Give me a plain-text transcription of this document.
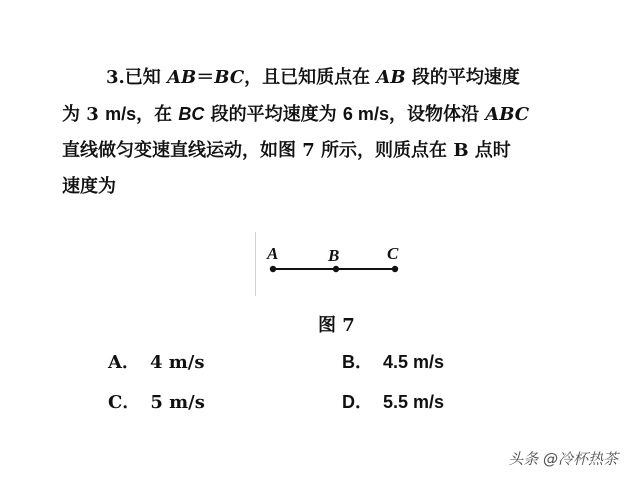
3.已知 AB＝BC，且已知质点在 AB 段的平均速度
为 3 m/s，在 BC 段的平均速度为 6 m/s，设物体沿 ABC
直线做匀变速直线运动，如图 7 所示，则质点在 B 点时
速度为
A	B	C
图 7
A． 4 m/s	B． 4.5 m/s
C． 5 m/s	D． 5.5 m/s
头条 @冷杯热茶
